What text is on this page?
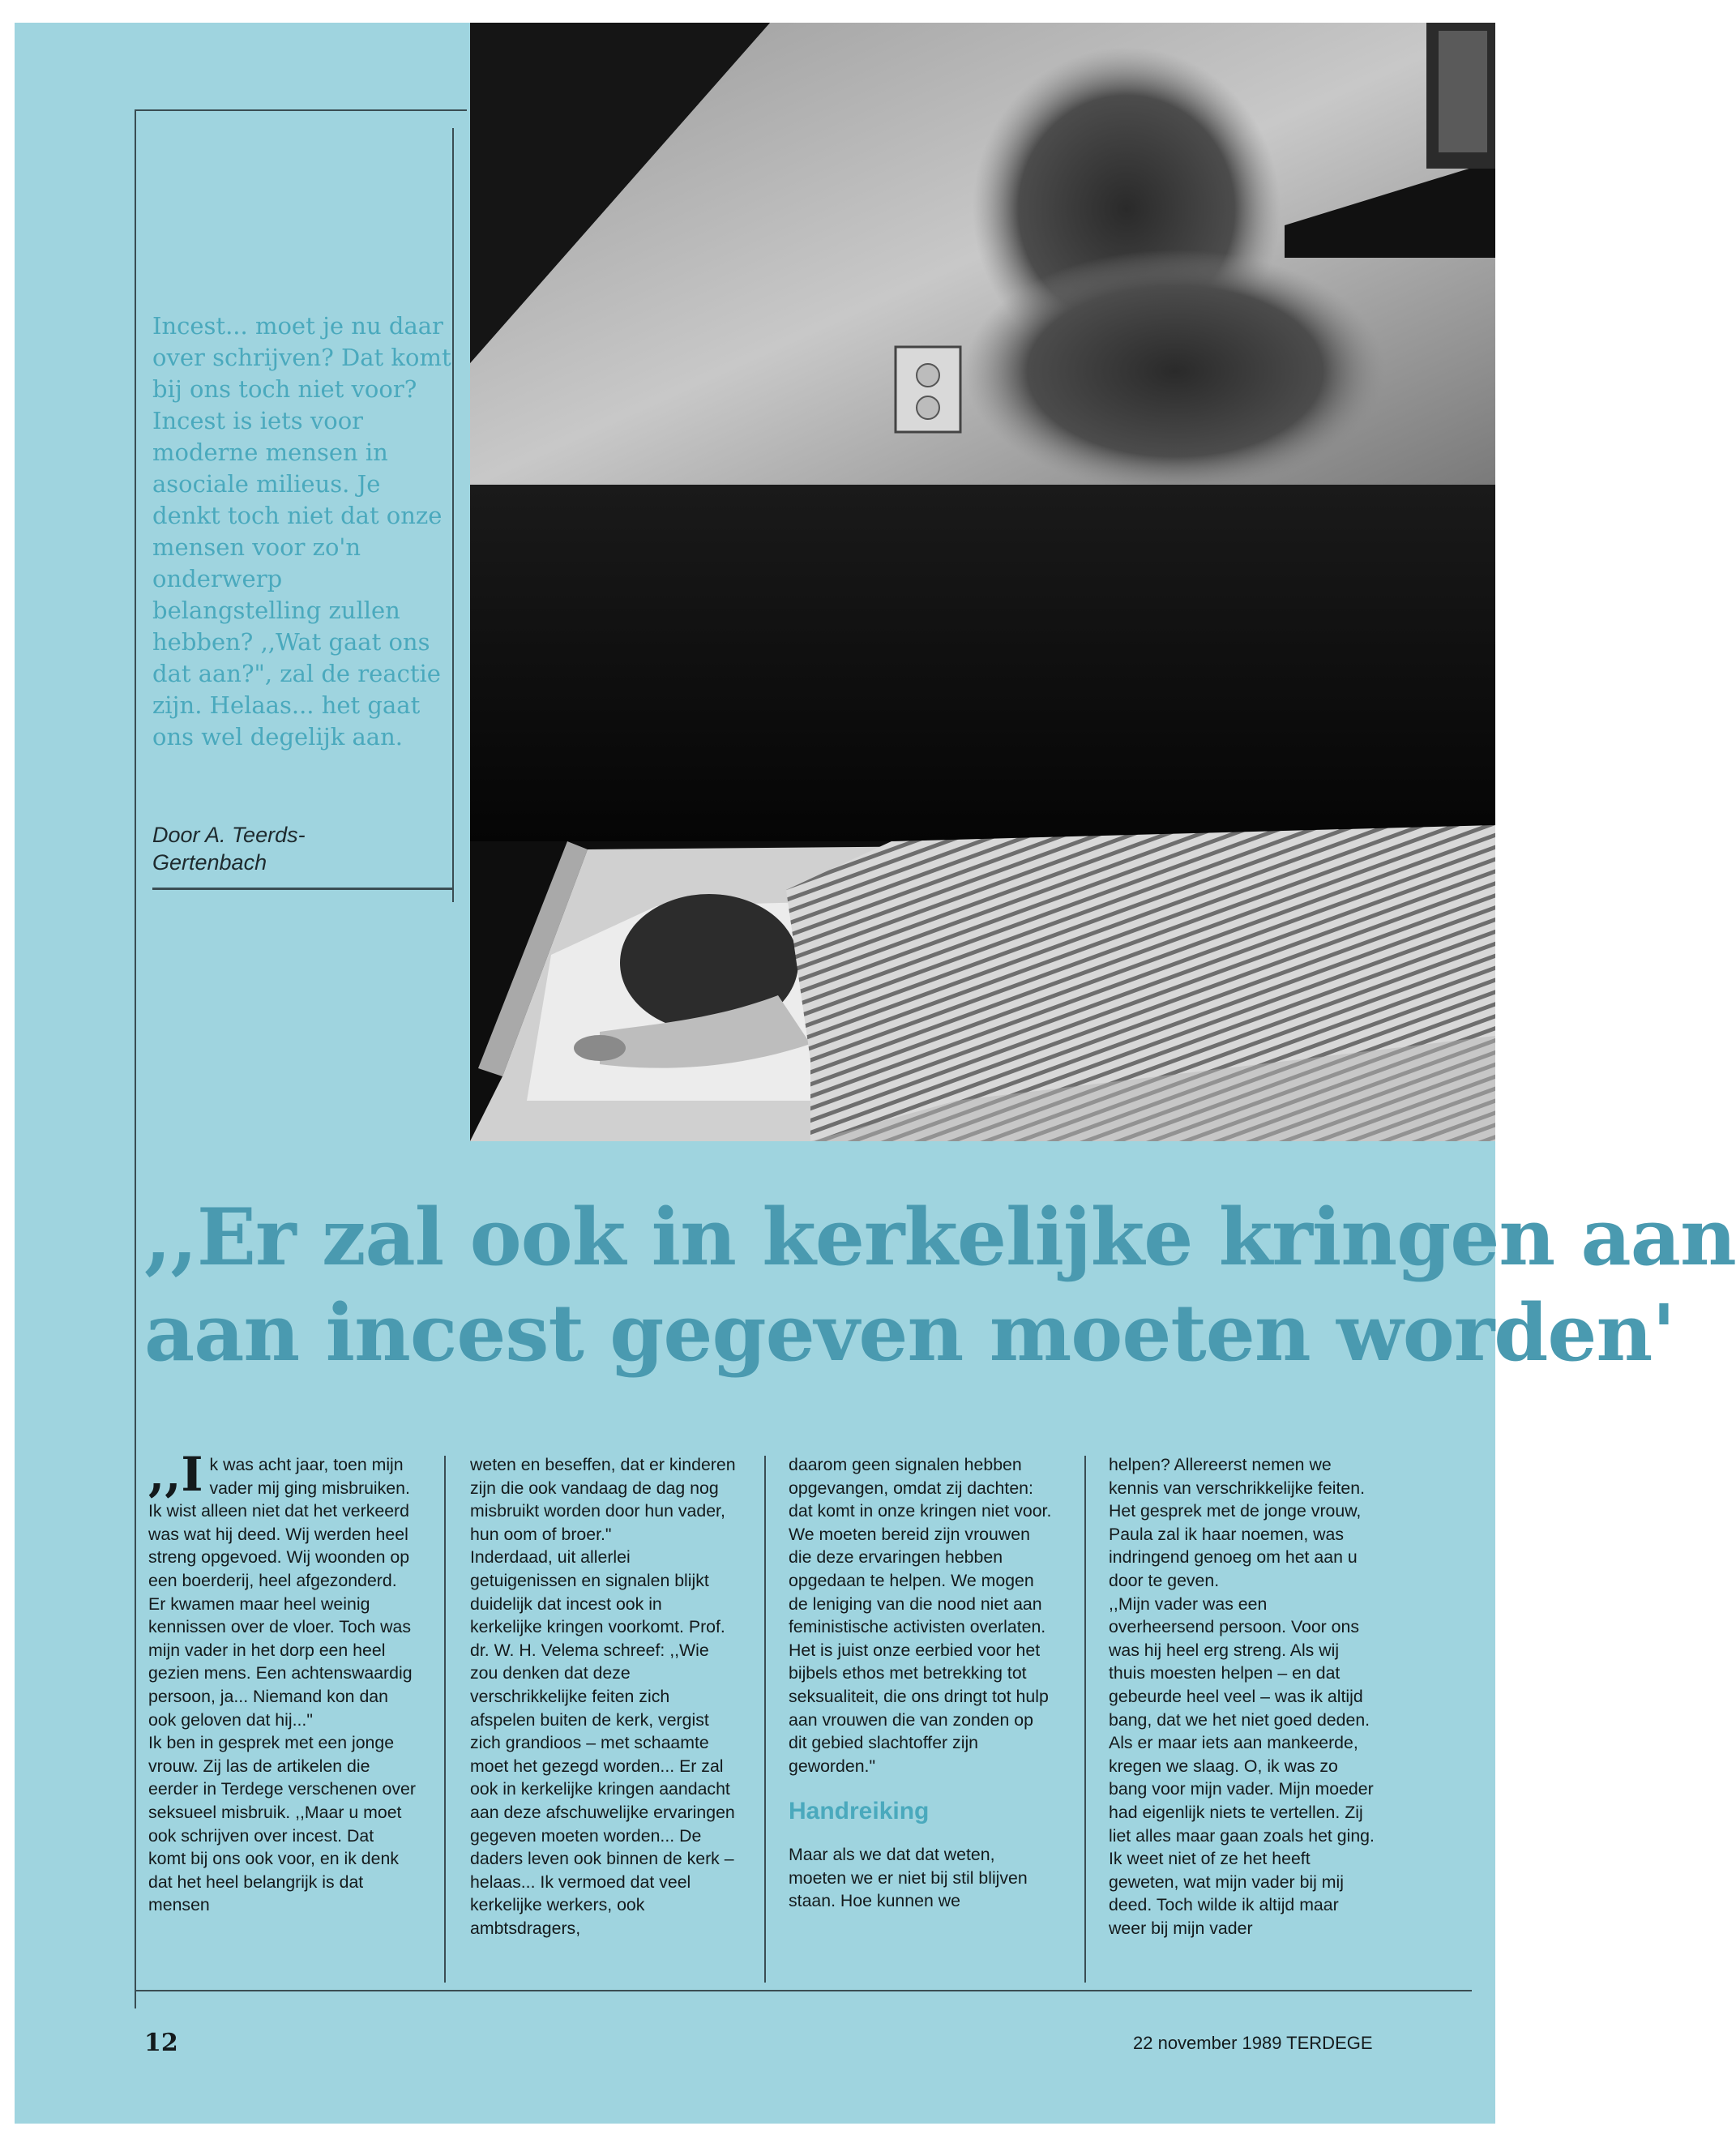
Incest... moet je nu daar over schrijven? Dat komt bij ons toch niet voor? Incest is iets voor moderne mensen in asociale milieus. Je denkt toch niet dat onze mensen voor zo'n onderwerp belangstelling zullen hebben? ,,Wat gaat ons dat aan?", zal de reactie zijn. Helaas... het gaat ons wel degelijk aan.

Door A. Teerds-
Gertenbach
,,Er zal ook in kerkelijke kringen aan
aan incest gegeven moeten worden'
,,I k was acht jaar, toen mijn vader mij ging misbruiken. Ik wist alleen niet dat het verkeerd was wat hij deed. Wij werden heel streng opgevoed. Wij woonden op een boerderij, heel afgezonderd. Er kwamen maar heel weinig kennissen over de vloer. Toch was mijn vader in het dorp een heel gezien mens. Een achtenswaardig persoon, ja... Niemand kon dan ook geloven dat hij..."

Ik ben in gesprek met een jonge vrouw. Zij las de artikelen die eerder in Terdege verschenen over seksueel misbruik. ,,Maar u moet ook schrijven over incest. Dat komt bij ons ook voor, en ik denk dat het heel belangrijk is dat mensen

weten en beseffen, dat er kinderen zijn die ook vandaag de dag nog misbruikt worden door hun vader, hun oom of broer."

Inderdaad, uit allerlei getuigenissen en signalen blijkt duidelijk dat incest ook in kerkelijke kringen voorkomt. Prof. dr. W. H. Velema schreef: ,,Wie zou denken dat deze verschrikkelijke feiten zich afspelen buiten de kerk, vergist zich grandioos – met schaamte moet het gezegd worden... Er zal ook in kerkelijke kringen aandacht aan deze afschuwelijke ervaringen gegeven moeten worden... De daders leven ook binnen de kerk – helaas... Ik vermoed dat veel kerkelijke werkers, ook ambtsdragers,

daarom geen signalen hebben opgevangen, omdat zij dachten: dat komt in onze kringen niet voor. We moeten bereid zijn vrouwen die deze ervaringen hebben opgedaan te helpen. We mogen de leniging van die nood niet aan feministische activisten overlaten. Het is juist onze eerbied voor het bijbels ethos met betrekking tot seksualiteit, die ons dringt tot hulp aan vrouwen die van zonden op dit gebied slachtoffer zijn geworden."

Handreiking

Maar als we dat dat weten, moeten we er niet bij stil blijven staan. Hoe kunnen we

helpen? Allereerst nemen we kennis van verschrikkelijke feiten. Het gesprek met de jonge vrouw, Paula zal ik haar noemen, was indringend genoeg om het aan u door te geven.

,,Mijn vader was een overheersend persoon. Voor ons was hij heel erg streng. Als wij thuis moesten helpen – en dat gebeurde heel veel – was ik altijd bang, dat we het niet goed deden. Als er maar iets aan mankeerde, kregen we slaag. O, ik was zo bang voor mijn vader. Mijn moeder had eigenlijk niets te vertellen. Zij liet alles maar gaan zoals het ging. Ik weet niet of ze het heeft geweten, wat mijn vader bij mij deed. Toch wilde ik altijd maar weer bij mijn vader

12	22 november 1989 TERDEGE
